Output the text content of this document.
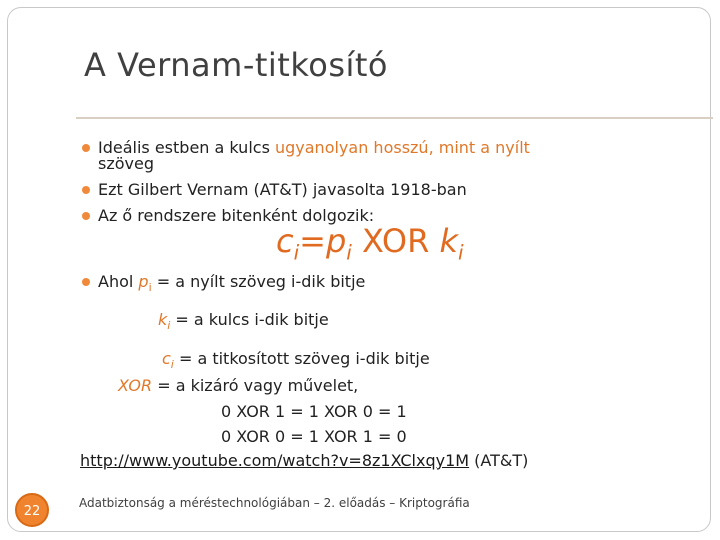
A Vernam-titkosító
Ideális estben a kulcs ugyanolyan hosszú, mint a nyílt
szöveg
Ezt Gilbert Vernam (AT&T) javasolta 1918-ban
Az ő rendszere bitenként dolgozik:
$c_i=p_i$ XOR $k_i$
Ahol $p_i = a$ nyílt szöveg i-dik bitje
$k_i = a$ kulcs i-dik bitje
$c_i = a$ titkosított szöveg i-dik bitje
XOR = a kizáró vagy művelet,
0 XOR 1 = 1 XOR 0 = 1
0 XOR 0 = 1 XOR 1 = 0
http://www.youtube.com/watch?v=8z1XClxqy1M (AT&T)
22
Adatbiztonság a méréstechnológiában – 2. előadás – Kriptográfia
